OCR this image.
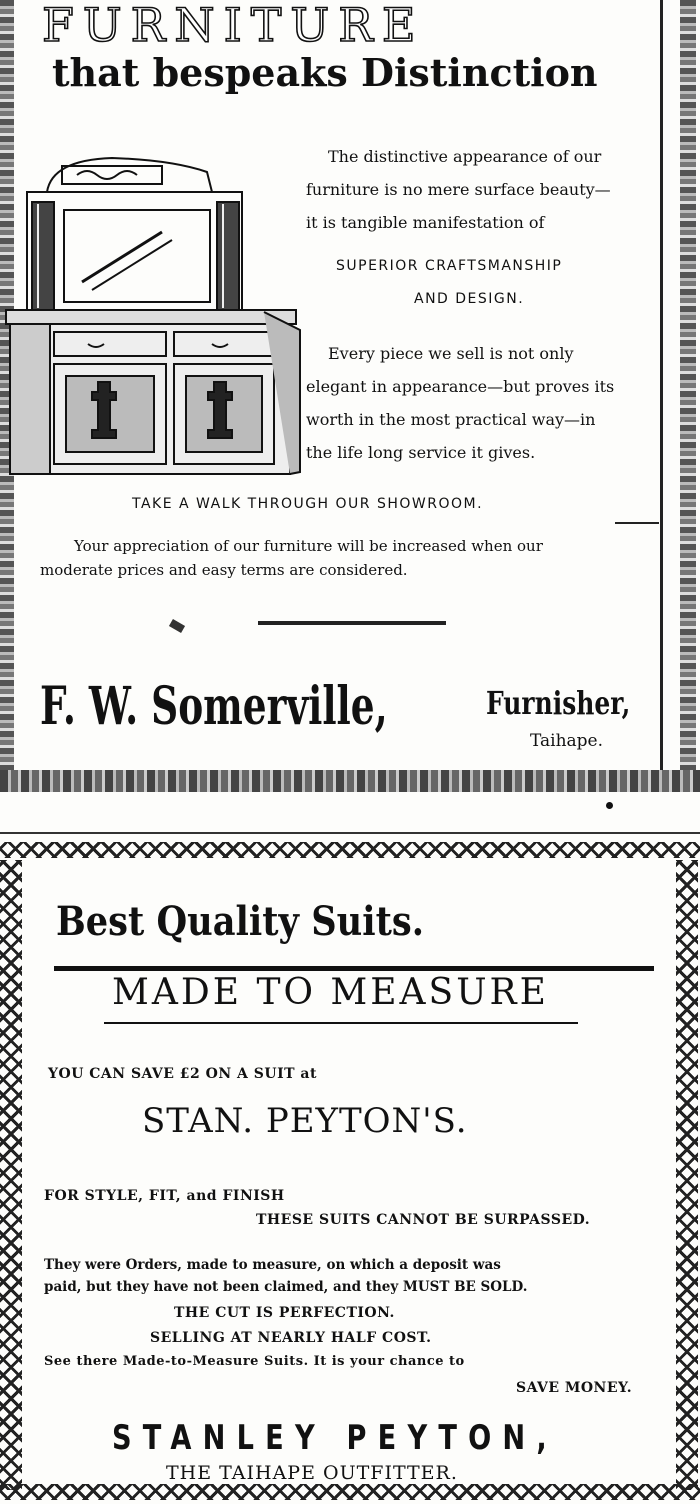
FURNITURE
that bespeaks Distinction
The distinctive appearance of our
furniture is no mere surface beauty—
it is tangible manifestation of
SUPERIOR CRAFTSMANSHIP
AND DESIGN.
Every piece we sell is not only
elegant in appearance—but proves its
worth in the most practical way—in
the life long service it gives.
TAKE A WALK THROUGH OUR SHOWROOM.
Your appreciation of our furniture will be increased when our
moderate prices and easy terms are considered.
F. W. Somerville,	Furnisher,
Taihape.
Best Quality Suits.
MADE TO MEASURE
YOU CAN SAVE £2 ON A SUIT at
STAN. PEYTON'S.
FOR STYLE, FIT, and FINISH
THESE SUITS CANNOT BE SURPASSED.
They were Orders, made to measure, on which a deposit was
paid, but they have not been claimed, and they MUST BE SOLD.
THE CUT IS PERFECTION.
SELLING AT NEARLY HALF COST.
See there Made-to-Measure Suits. It is your chance to
SAVE MONEY.
STANLEY PEYTON,
THE TAIHAPE OUTFITTER.
